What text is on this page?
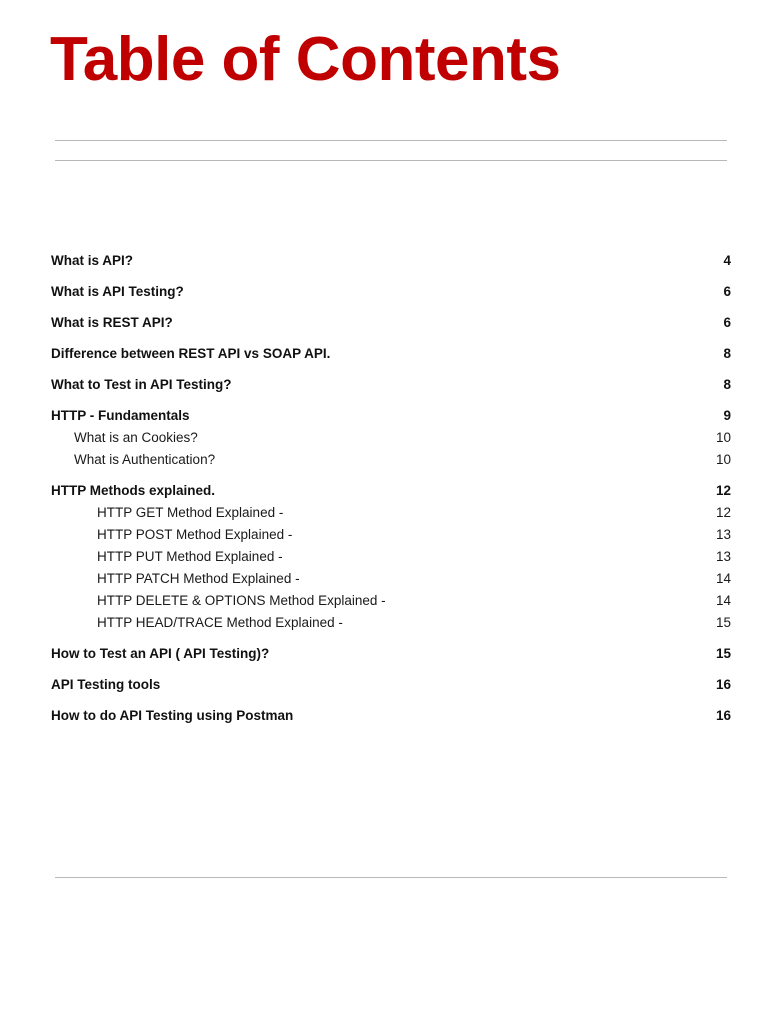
Table of Contents
What is API?	4
What is API Testing?	6
What is REST API?	6
Difference between REST API vs SOAP API.	8
What to Test in API Testing?	8
HTTP - Fundamentals	9
What is an Cookies?	10
What is Authentication?	10
HTTP Methods explained.	12
HTTP GET Method Explained -	12
HTTP POST Method Explained -	13
HTTP PUT Method Explained -	13
HTTP PATCH Method Explained -	14
HTTP DELETE & OPTIONS Method Explained -	14
HTTP HEAD/TRACE Method Explained -	15
How to Test an API ( API Testing)?	15
API Testing tools	16
How to do API Testing using Postman	16
